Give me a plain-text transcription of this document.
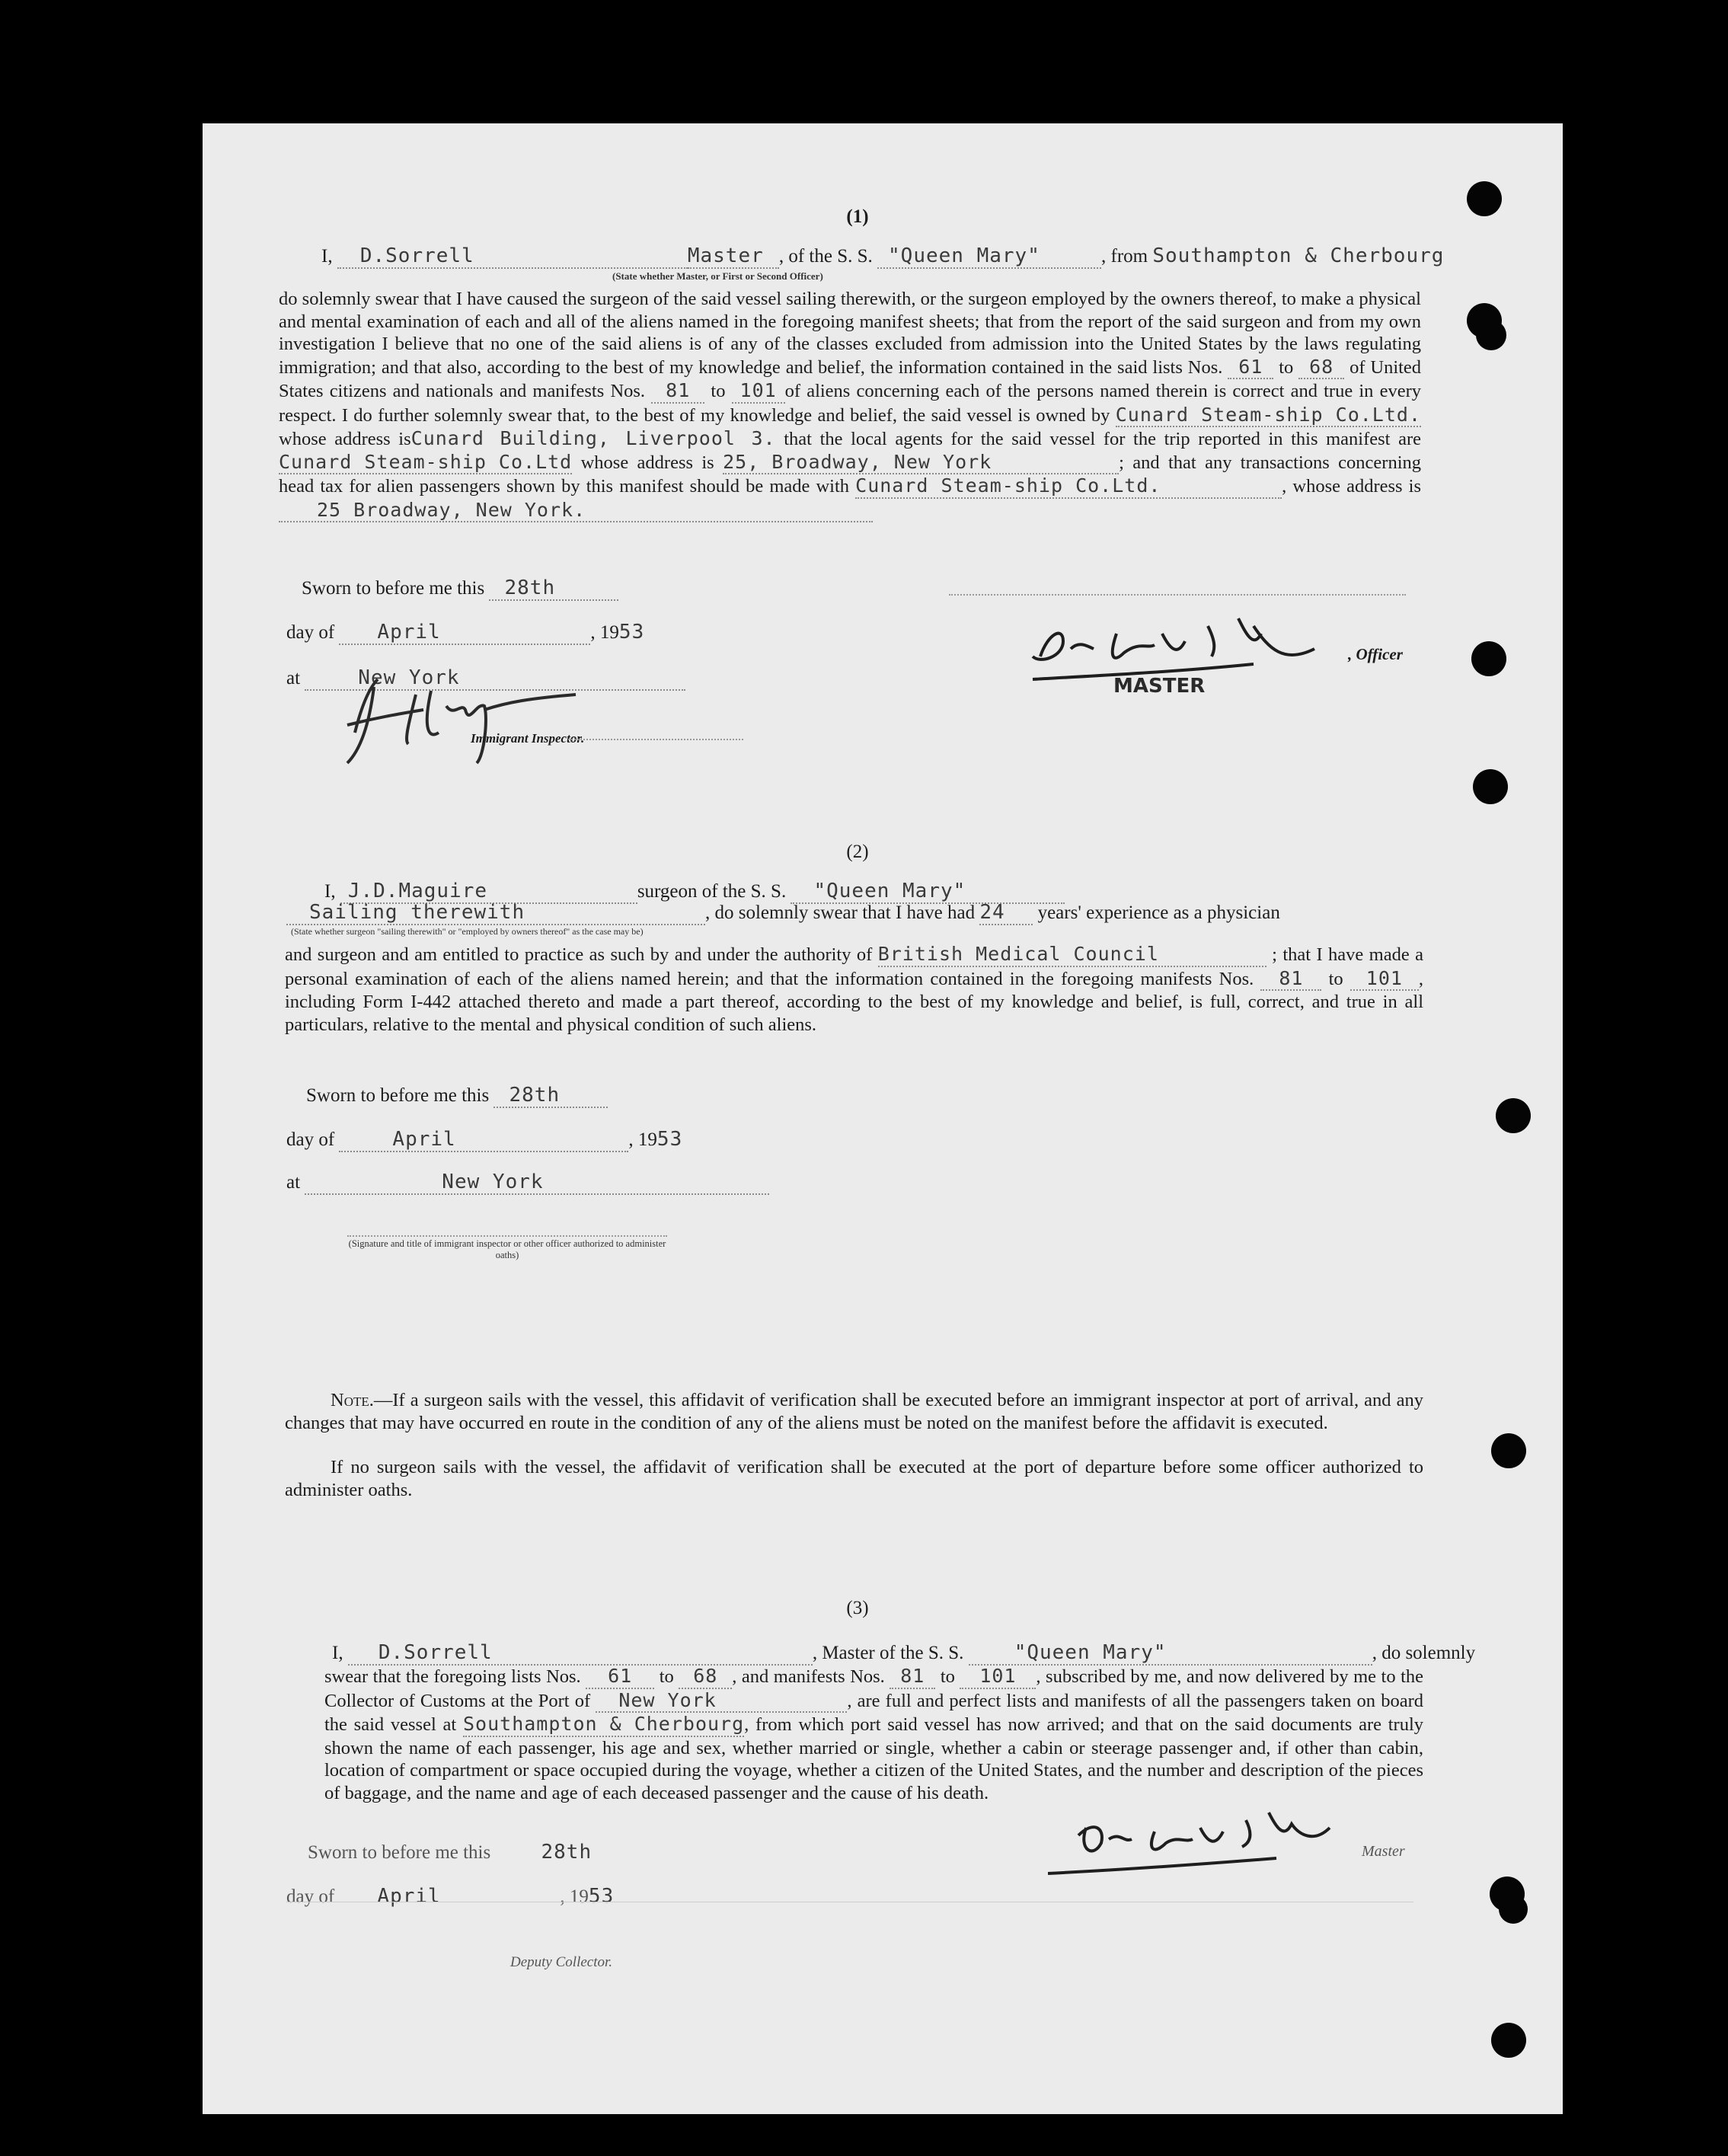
(1)
I, D.Sorrell	Master , of the S. S. "Queen Mary"	, from Southampton & Cherbourg
(State whether Master, or First or Second Officer)
do solemnly swear that I have caused the surgeon of the said vessel sailing therewith, or the surgeon employed by the owners thereof, to make a physical and mental examination of each and all of the aliens named in the foregoing manifest sheets; that from the report of the said surgeon and from my own investigation I believe that no one of the said aliens is of any of the classes excluded from admission into the United States by the laws regulating immigration; and that also, according to the best of my knowledge and belief, the information contained in the said lists Nos. 61 to 68 of United States citizens and nationals and manifests Nos. 81 to 101 of aliens concerning each of the persons named therein is correct and true in every respect. I do further solemnly swear that, to the best of my knowledge and belief, the said vessel is owned by Cunard Steam-ship Co.Ltd.whose address isCunard Building, Liverpool 3. that the local agents for the said vessel for the trip reported in this manifest are Cunard Steam-ship Co.Ltd whose address is 25, Broadway, New York	; and that any transactions concerning head tax for alien passengers shown by this manifest should be made with Cunard Steam-ship Co.Ltd.	, whose address is 25 Broadway, New York.
Sworn to before me this 28th
day of April	, 1953
at	New York
Immigrant Inspector.
, Officer
MASTER
(2)
I, J.D.Maguire	surgeon of the S. S. "Queen Mary"
Sailing therewith	, do solemnly swear that I have had 24 years' experience as a physician
(State whether surgeon "sailing therewith" or "employed by owners thereof" as the case may be)
and surgeon and am entitled to practice as such by and under the authority of British Medical Council	; that I have made a personal examination of each of the aliens named herein; and that the information contained in the foregoing manifests Nos. 81 to 101 , including Form I-442 attached thereto and made a part thereof, according to the best of my knowledge and belief, is full, correct, and true in all particulars, relative to the mental and physical condition of such aliens.
Sworn to before me this 28th
day of	April	, 1953
at	New York
(Signature and title of immigrant inspector or other officer authorized to administer oaths)
Note.—If a surgeon sails with the vessel, this affidavit of verification shall be executed before an immigrant inspector at port of arrival, and any changes that may have occurred en route in the condition of any of the aliens must be noted on the manifest before the affidavit is executed.
If no surgeon sails with the vessel, the affidavit of verification shall be executed at the port of departure before some officer authorized to administer oaths.
(3)
I, D.Sorrell	, Master of the S. S.	"Queen Mary"	, do solemnly
swear that the foregoing lists Nos. 61 to 68 , and manifests Nos. 81 to 101 , subscribed by me, and now delivered by me to the Collector of Customs at the Port of New York	, are full and perfect lists and manifests of all the passengers taken on board the said vessel at Southampton & Cherbourg, from which port said vessel has now arrived; and that on the said documents are truly shown the name of each passenger, his age and sex, whether married or single, whether a cabin or steerage passenger and, if other than cabin, location of compartment or space occupied during the voyage, whether a citizen of the United States, and the number and description of the pieces of baggage, and the name and age of each deceased passenger and the cause of his death.
Sworn to before me this	28th
day of April	, 1953
Deputy Collector.
Master
